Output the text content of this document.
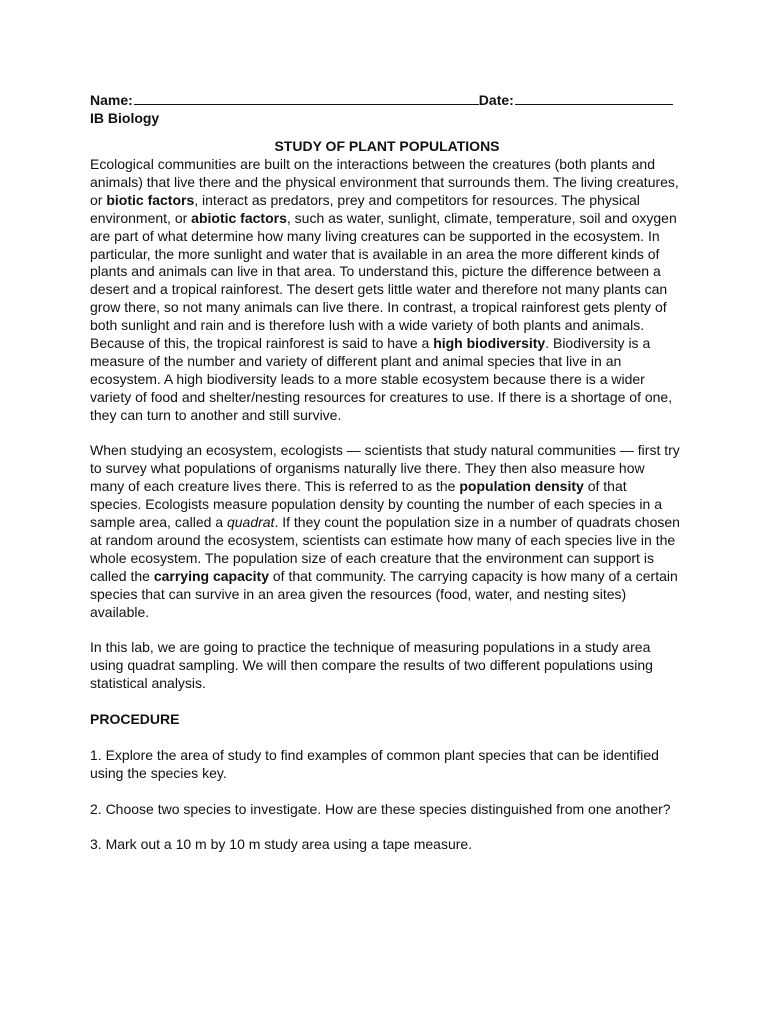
Name:	Date:
IB Biology
STUDY OF PLANT POPULATIONS

Ecological communities are built on the interactions between the creatures (both plants and animals) that live there and the physical environment that surrounds them. The living creatures, or biotic factors, interact as predators, prey and competitors for resources. The physical environment, or abiotic factors, such as water, sunlight, climate, temperature, soil and oxygen are part of what determine how many living creatures can be supported in the ecosystem. In particular, the more sunlight and water that is available in an area the more different kinds of plants and animals can live in that area. To understand this, picture the difference between a desert and a tropical rainforest. The desert gets little water and therefore not many plants can grow there, so not many animals can live there. In contrast, a tropical rainforest gets plenty of both sunlight and rain and is therefore lush with a wide variety of both plants and animals. Because of this, the tropical rainforest is said to have a high biodiversity. Biodiversity is a measure of the number and variety of different plant and animal species that live in an ecosystem. A high biodiversity leads to a more stable ecosystem because there is a wider variety of food and shelter/nesting resources for creatures to use. If there is a shortage of one, they can turn to another and still survive.

When studying an ecosystem, ecologists — scientists that study natural communities — first try to survey what populations of organisms naturally live there. They then also measure how many of each creature lives there. This is referred to as the population density of that species. Ecologists measure population density by counting the number of each species in a sample area, called a quadrat. If they count the population size in a number of quadrats chosen at random around the ecosystem, scientists can estimate how many of each species live in the whole ecosystem. The population size of each creature that the environment can support is called the carrying capacity of that community. The carrying capacity is how many of a certain species that can survive in an area given the resources (food, water, and nesting sites) available.

In this lab, we are going to practice the technique of measuring populations in a study area using quadrat sampling. We will then compare the results of two different populations using statistical analysis.

PROCEDURE

1. Explore the area of study to find examples of common plant species that can be identified using the species key.

2. Choose two species to investigate. How are these species distinguished from one another?

3. Mark out a 10 m by 10 m study area using a tape measure.
